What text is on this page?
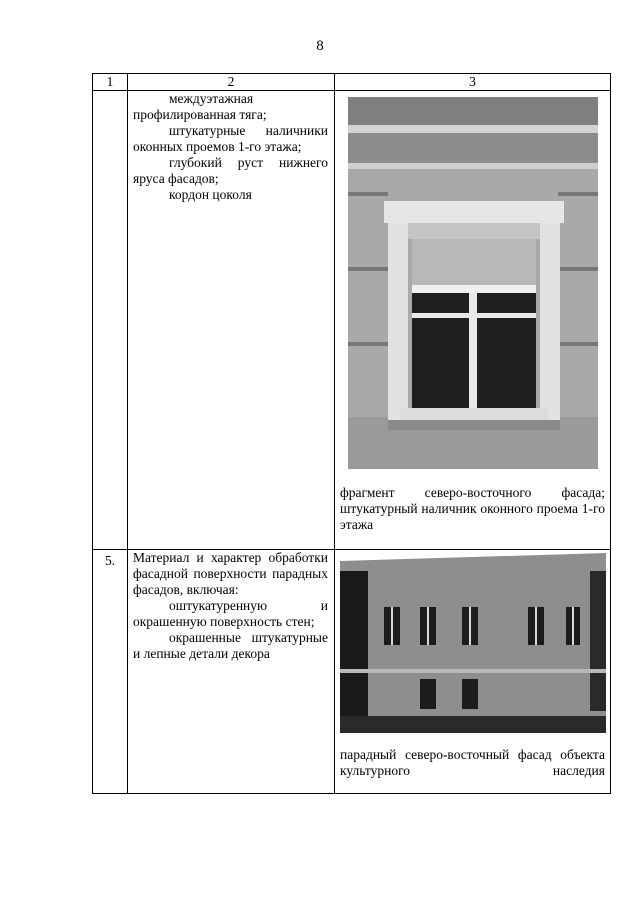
8
1	2	3

	междуэтажная профилированная тяга;

штукатурные наличники оконных проемов 1-го этажа;

глубокий руст нижнего яруса фасадов;

кордон цоколя	фрагмент северо-восточного фасада; штукатурный наличник оконного проема 1-го этажа

5.	Материал и характер обработки фасадной поверхности парадных фасадов, включая:

оштукатуренную и окрашенную поверхность стен;

окрашенные штукатурные и лепные детали декора	парадный северо-восточный фасад объекта культурного наследия
